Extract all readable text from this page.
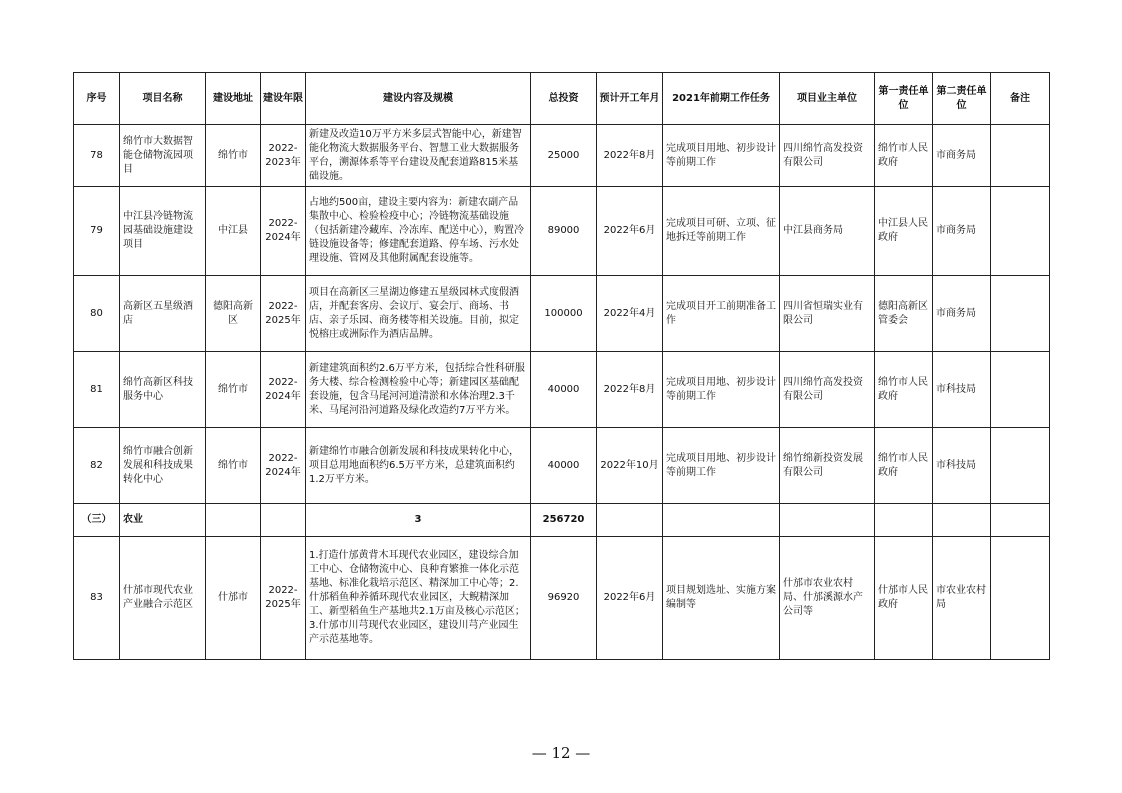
序号	项目名称	建设地址	建设年限	建设内容及规模	总投资	预计开工年月	2021年前期工作任务	项目业主单位	第一责任单位	第二责任单位	备注
78	绵竹市大数据智能仓储物流园项目	绵竹市	2022-2023年	新建及改造10万平方米多层式智能中心，新建智能化物流大数据服务平台、智慧工业大数据服务平台，溯源体系等平台建设及配套道路815米基础设施。	25000	2022年8月	完成项目用地、初步设计等前期工作	四川绵竹高发投资有限公司	绵竹市人民政府	市商务局	
79	中江县冷链物流园基础设施建设项目	中江县	2022-2024年	占地约500亩，建设主要内容为：新建农副产品集散中心、检验检疫中心；冷链物流基础设施（包括新建冷藏库、冷冻库、配送中心），购置冷链设施设备等；修建配套道路、停车场、污水处理设施、管网及其他附属配套设施等。	89000	2022年6月	完成项目可研、立项、征地拆迁等前期工作	中江县商务局	中江县人民政府	市商务局	
80	高新区五星级酒店	德阳高新区	2022-2025年	项目在高新区三星湖边修建五星级园林式度假酒店，并配套客房、会议厅、宴会厅、商场、书店、亲子乐园、商务楼等相关设施。目前，拟定悦榕庄或洲际作为酒店品牌。	100000	2022年4月	完成项目开工前期准备工作	四川省恒瑞实业有限公司	德阳高新区管委会	市商务局	
81	绵竹高新区科技服务中心	绵竹市	2022-2024年	新建建筑面积约2.6万平方米，包括综合性科研服务大楼、综合检测检验中心等；新建园区基础配套设施，包含马尾河河道清淤和水体治理2.3千米、马尾河沿河道路及绿化改造约7万平方米。	40000	2022年8月	完成项目用地、初步设计等前期工作	四川绵竹高发投资有限公司	绵竹市人民政府	市科技局	
82	绵竹市融合创新发展和科技成果转化中心	绵竹市	2022-2024年	新建绵竹市融合创新发展和科技成果转化中心，项目总用地面积约6.5万平方米，总建筑面积约1.2万平方米。	40000	2022年10月	完成项目用地、初步设计等前期工作	绵竹绵新投资发展有限公司	绵竹市人民政府	市科技局	
（三）	农业			3	256720						
83	什邡市现代农业产业融合示范区	什邡市	2022-2025年	1.打造什邡黄背木耳现代农业园区，建设综合加工中心、仓储物流中心、良种育繁推一体化示范基地、标准化栽培示范区、精深加工中心等；2.什邡稻鱼种养循环现代农业园区，大鲵精深加工、新型稻鱼生产基地共2.1万亩及核心示范区；3.什邡市川芎现代农业园区，建设川芎产业园生产示范基地等。	96920	2022年6月	项目规划选址、实施方案编制等	什邡市农业农村局、什邡溪源水产公司等	什邡市人民政府	市农业农村局	
— 12 —
